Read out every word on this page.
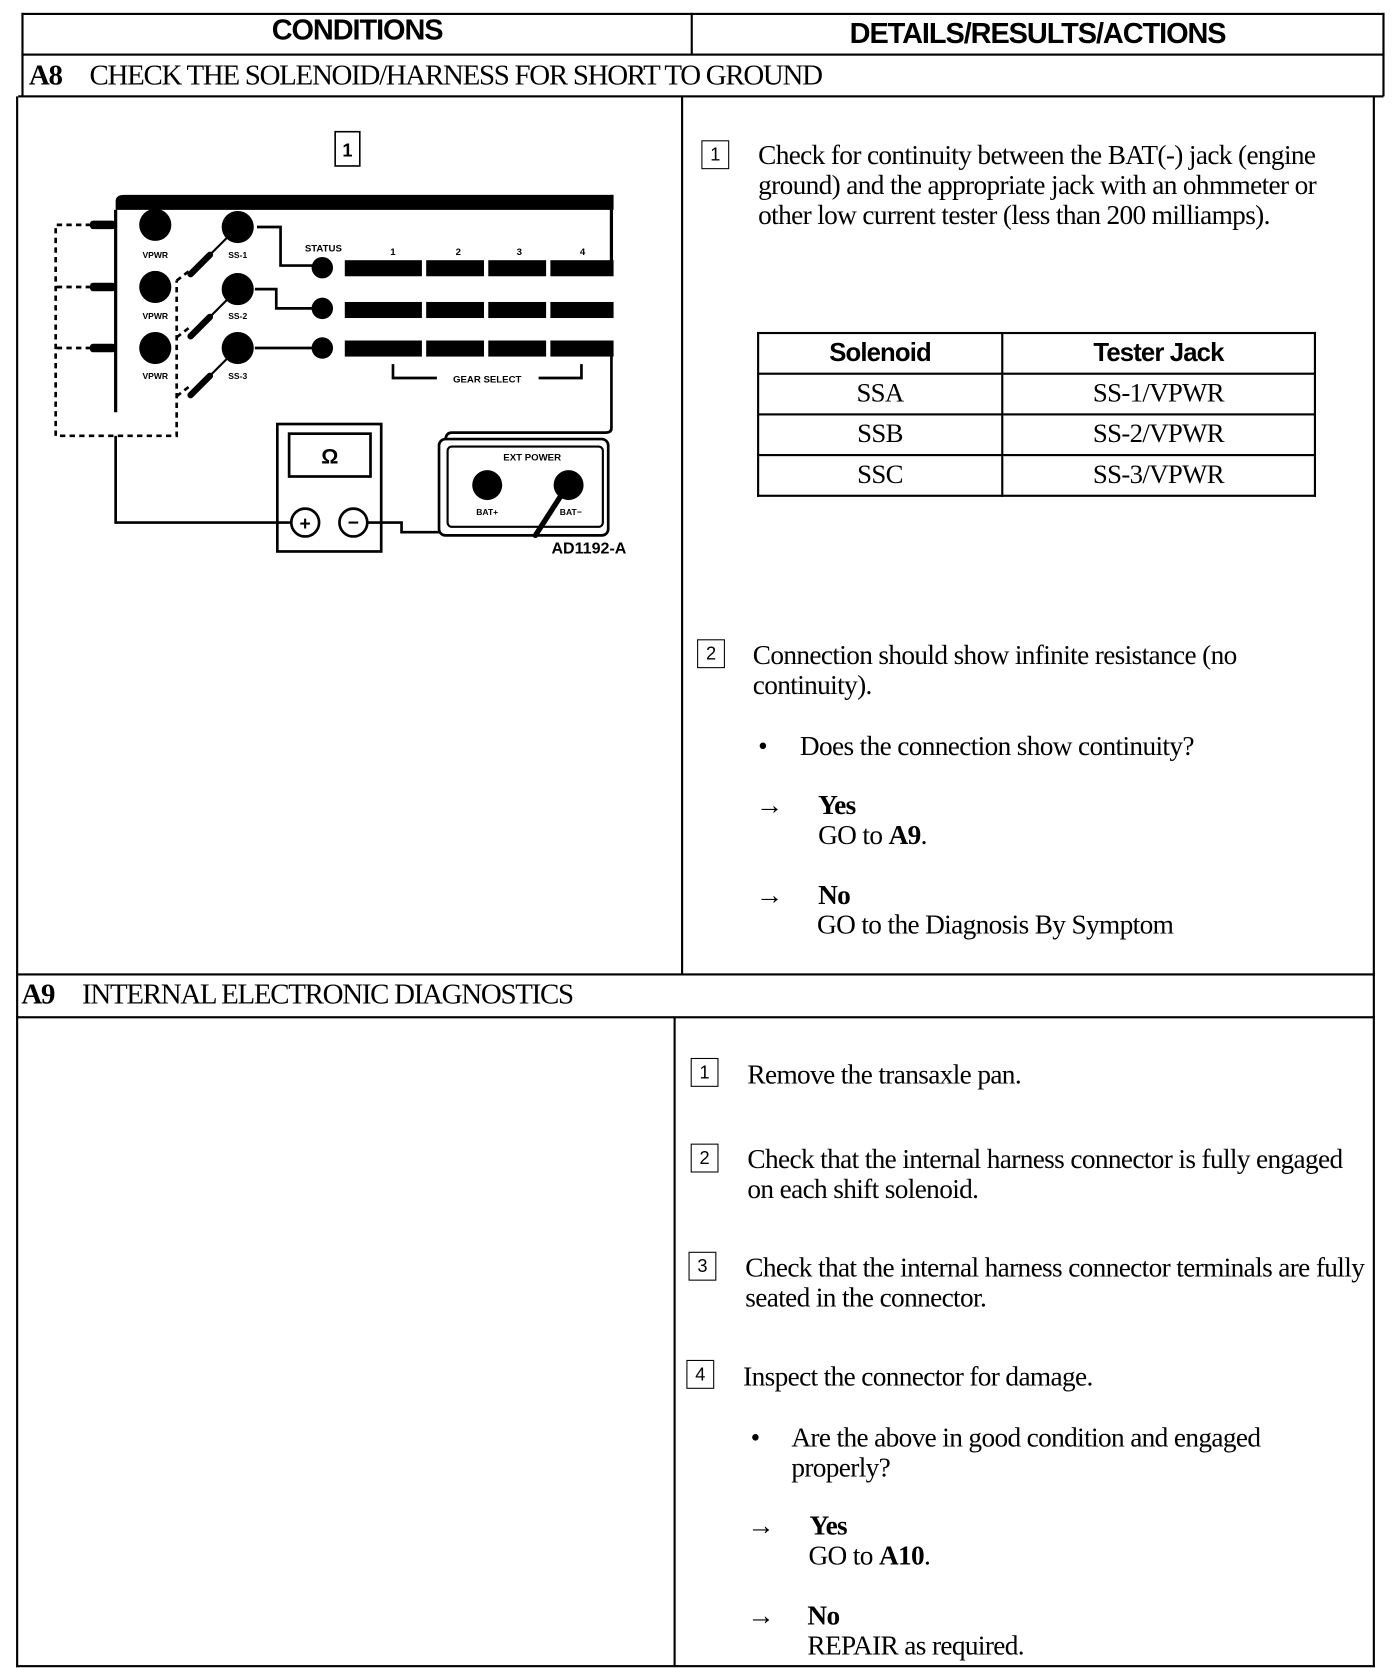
CONDITIONS	DETAILS/RESULTS/ACTIONS
A8 CHECK THE SOLENOID/HARNESS FOR SHORT TO GROUND
1
VPWR
VPWR
VPWR
SS-1
SS-2
SS-3
STATUS	1	2	3	4
GEAR SELECT
Ω
+ −
EXT POWER
BAT+	BAT−
AD1192-A
1	Check for continuity between the BAT(-) jack (engine ground) and the appropriate jack with an ohmmeter or other low current tester (less than 200 milliamps).
Solenoid	Tester Jack
SSA	SS-1/VPWR
SSB	SS-2/VPWR
SSC	SS-3/VPWR
2	Connection should show infinite resistance (no continuity).
• Does the connection show continuity?
→ Yes
GO to A9.
→ No
GO to the Diagnosis By Symptom
A9 INTERNAL ELECTRONIC DIAGNOSTICS
1	Remove the transaxle pan.
2	Check that the internal harness connector is fully engaged on each shift solenoid.
3	Check that the internal harness connector terminals are fully seated in the connector.
4	Inspect the connector for damage.
• Are the above in good condition and engaged properly?
→ Yes
GO to A10.
→ No
REPAIR as required.
